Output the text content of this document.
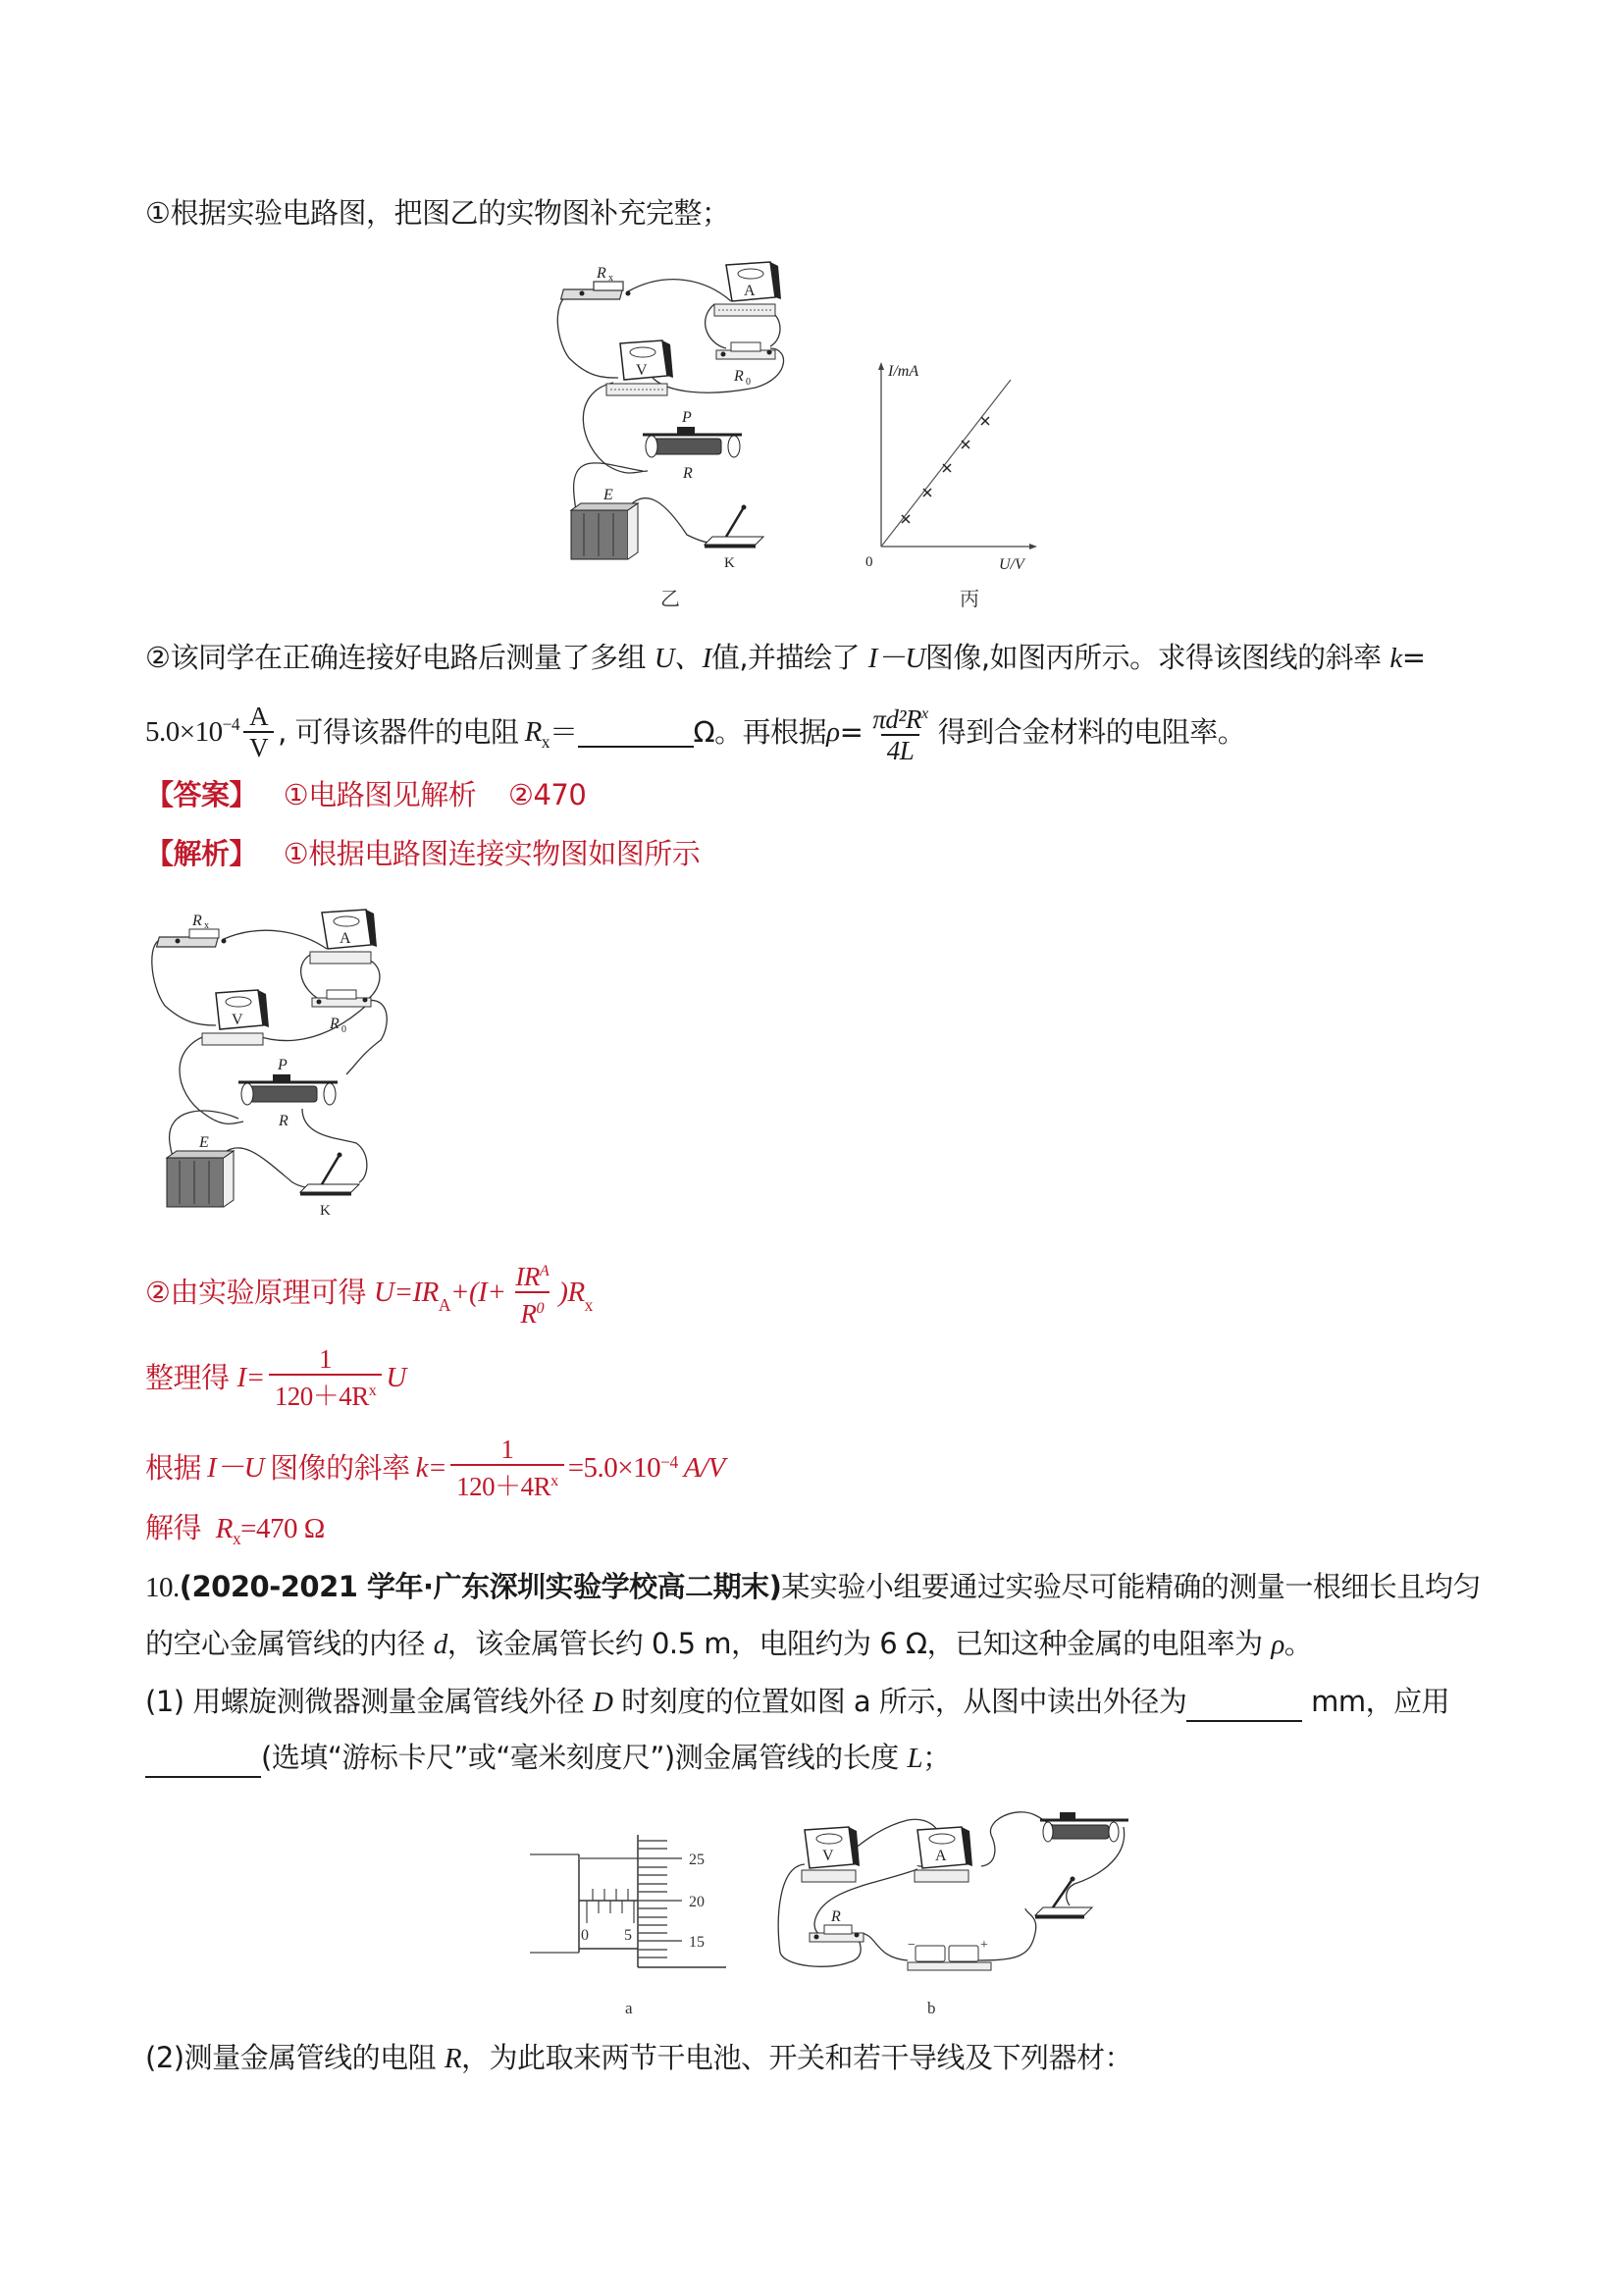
①根据实验电路图，把图乙的实物图补充完整；
R x
A
R 0
V
P
R
E
K
乙
I/mA
0	U/V
丙
②该同学在正确连接好电路后测量了多组 U、I值,并描绘了 I－U图像,如图丙所示。求得该图线的斜率 k=
$5.0\times 10^{-4} \frac{A}{V}$ , 可得该器件的电阻 $R_x$ ＝	Ω。再根据 $\rho = \frac{\pi d^2R^x}{4L}$ 得到合金材料的电阻率。
【答案】 ①电路图见解析 ②470
【解析】 ①根据电路图连接实物图如图所示
R x
A
R 0
V
P
R
E
K
②由实验原理可得 $U=IR_A +(I+ \frac{IR^A}{R^0} )R_x$
整理得 $I= \frac{1}{120+4R^x}$ U
根据 I－U 图像的斜率 $k= \frac{1}{120+4R^x} =5.0\times 10^{-4}$ A/V
解得 $R_x=470$ Ω
10.(2020-2021 学年·广东深圳实验学校高二期末)某实验小组要通过实验尽可能精确的测量一根细长且均匀
的空心金属管线的内径 d，该金属管长约 0.5 m，电阻约为 6 Ω，已知这种金属的电阻率为 ρ。
(1) 用螺旋测微器测量金属管线外径 D 时刻度的位置如图 a 所示，从图中读出外径为	mm，应用
(选填“游标卡尺”或“毫米刻度尺”)测金属管线的长度 L；
0 5
25
20
15
a
V	A
R
−	+
b
(2)测量金属管线的电阻 R，为此取来两节干电池、开关和若干导线及下列器材：
